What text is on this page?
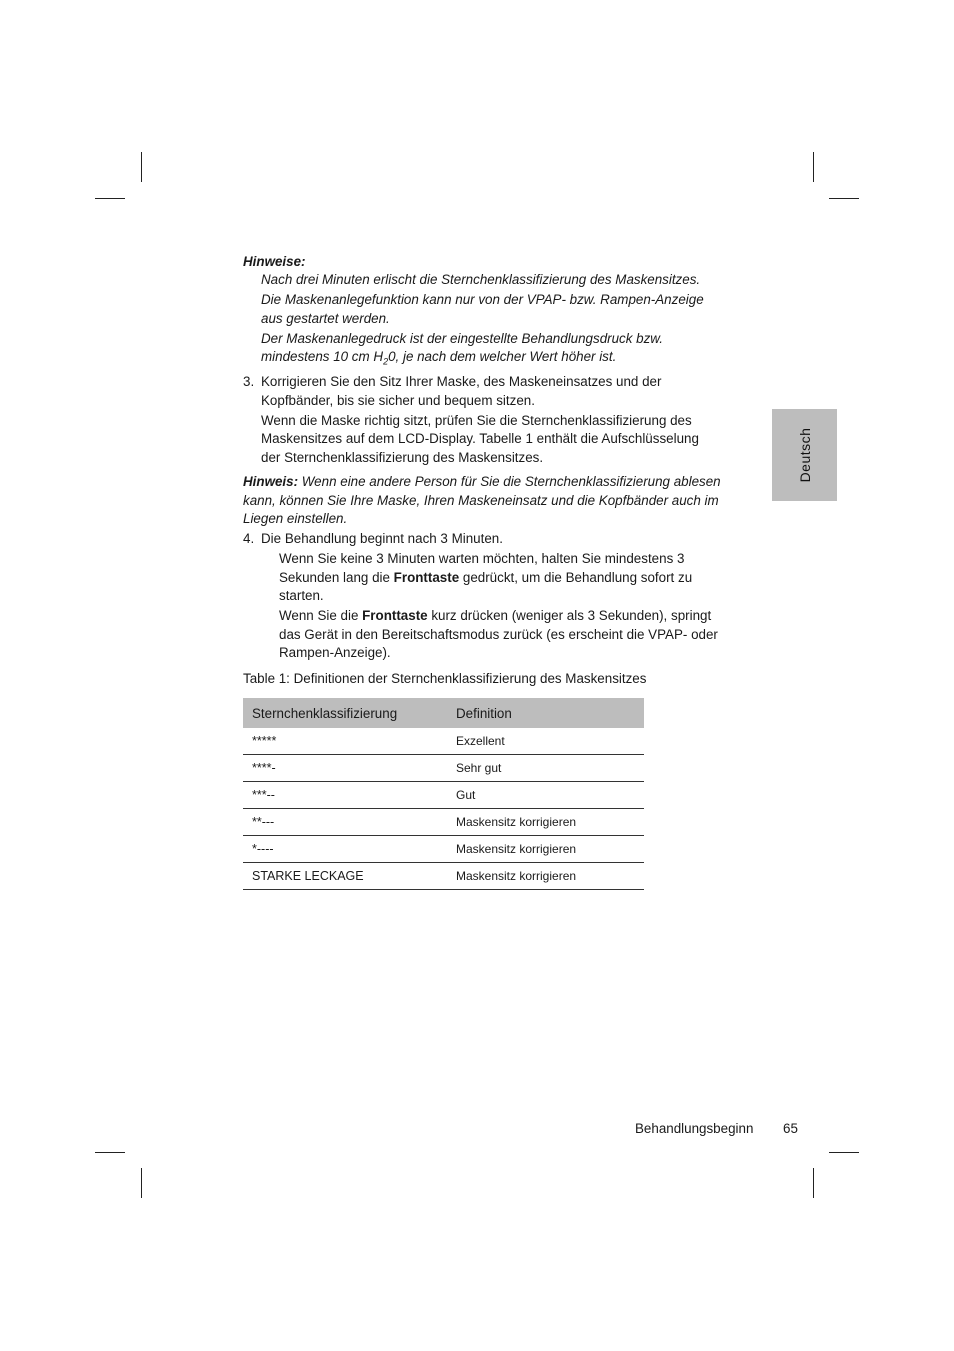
Deutsch
Hinweise:
Nach drei Minuten erlischt die Sternchenklassifizierung des Maskensitzes.
Die Maskenanlegefunktion kann nur von der VPAP- bzw. Rampen-Anzeige
aus gestartet werden.
Der Maskenanlegedruck ist der eingestellte Behandlungsdruck bzw.
mindestens 10 cm $H_20$, je nach dem welcher Wert höher ist.
3. Korrigieren Sie den Sitz Ihrer Maske, des Maskeneinsatzes und der
Kopfbänder, bis sie sicher und bequem sitzen.
Wenn die Maske richtig sitzt, prüfen Sie die Sternchenklassifizierung des
Maskensitzes auf dem LCD-Display. Tabelle 1 enthält die Aufschlüsselung
der Sternchenklassifizierung des Maskensitzes.
Hinweis: Wenn eine andere Person für Sie die Sternchenklassifizierung ablesen
kann, können Sie Ihre Maske, Ihren Maskeneinsatz und die Kopfbänder auch im
Liegen einstellen.
4. Die Behandlung beginnt nach 3 Minuten.
Wenn Sie keine 3 Minuten warten möchten, halten Sie mindestens 3
Sekunden lang die Fronttaste gedrückt, um die Behandlung sofort zu
starten.
Wenn Sie die Fronttaste kurz drücken (weniger als 3 Sekunden), springt
das Gerät in den Bereitschaftsmodus zurück (es erscheint die VPAP- oder
Rampen-Anzeige).
Table 1: Definitionen der Sternchenklassifizierung des Maskensitzes
Sternchenklassifizierung	Definition
*****	Exzellent
****-	Sehr gut
***--	Gut
**---	Maskensitz korrigieren
*----	Maskensitz korrigieren
STARKE LECKAGE	Maskensitz korrigieren
Behandlungsbeginn 65
